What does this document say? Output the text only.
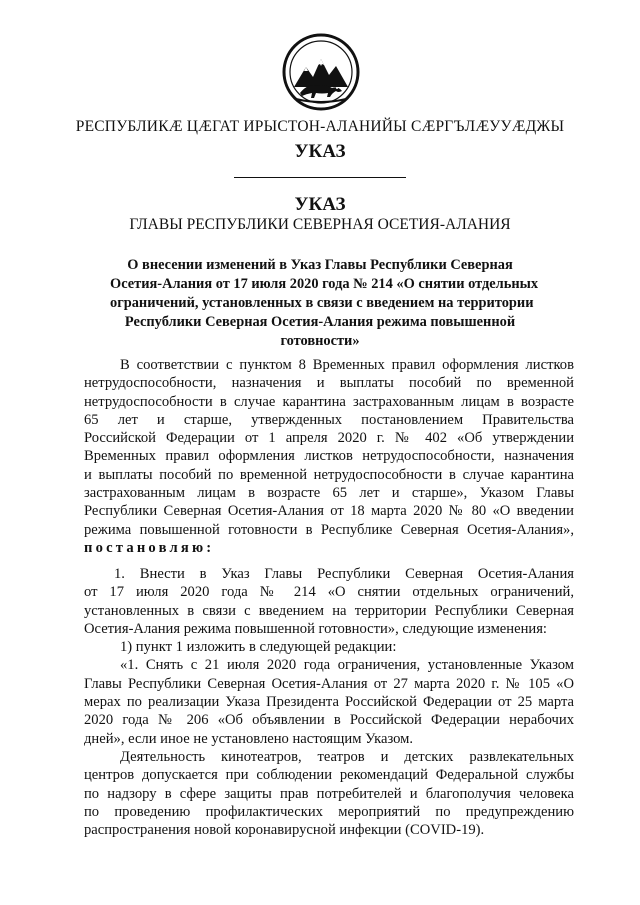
РЕСПУБЛИКӔ ЦӔГАТ ИРЫСТОН-АЛАНИЙЫ СӔРГЪЛӔУУӔДЖЫ
УКАЗ
УКАЗ
ГЛАВЫ РЕСПУБЛИКИ СЕВЕРНАЯ ОСЕТИЯ-АЛАНИЯ
О внесении изменений в Указ Главы Республики Северная
Осетия-Алания от 17 июля 2020 года № 214 «О снятии отдельных
ограничений, установленных в связи с введением на территории
Республики Северная Осетия-Алания режима повышенной
готовности»
В соответствии с пунктом 8 Временных правил оформления листков
нетрудоспособности, назначения и выплаты пособий по временной
нетрудоспособности в случае карантина застрахованным лицам в возрасте
65 лет и старше, утвержденных постановлением Правительства
Российской Федерации от 1 апреля 2020 г. № 402 «Об утверждении
Временных правил оформления листков нетрудоспособности, назначения
и выплаты пособий по временной нетрудоспособности в случае карантина
застрахованным лицам в возрасте 65 лет и старше», Указом Главы
Республики Северная Осетия-Алания от 18 марта 2020 № 80 «О введении
режима повышенной готовности в Республике Северная Осетия-Алания»,
постановляю:
1. Внести в Указ Главы Республики Северная Осетия-Алания
от 17 июля 2020 года № 214 «О снятии отдельных ограничений,
установленных в связи с введением на территории Республики Северная
Осетия-Алания режима повышенной готовности», следующие изменения:
1) пункт 1 изложить в следующей редакции:
«1. Снять с 21 июля 2020 года ограничения, установленные Указом
Главы Республики Северная Осетия-Алания от 27 марта 2020 г. № 105 «О
мерах по реализации Указа Президента Российской Федерации от 25 марта
2020 года № 206 «Об объявлении в Российской Федерации нерабочих
дней», если иное не установлено настоящим Указом.
Деятельность кинотеатров, театров и детских развлекательных
центров допускается при соблюдении рекомендаций Федеральной службы
по надзору в сфере защиты прав потребителей и благополучия человека
по проведению профилактических мероприятий по предупреждению
распространения новой коронавирусной инфекции (COVID-19).
